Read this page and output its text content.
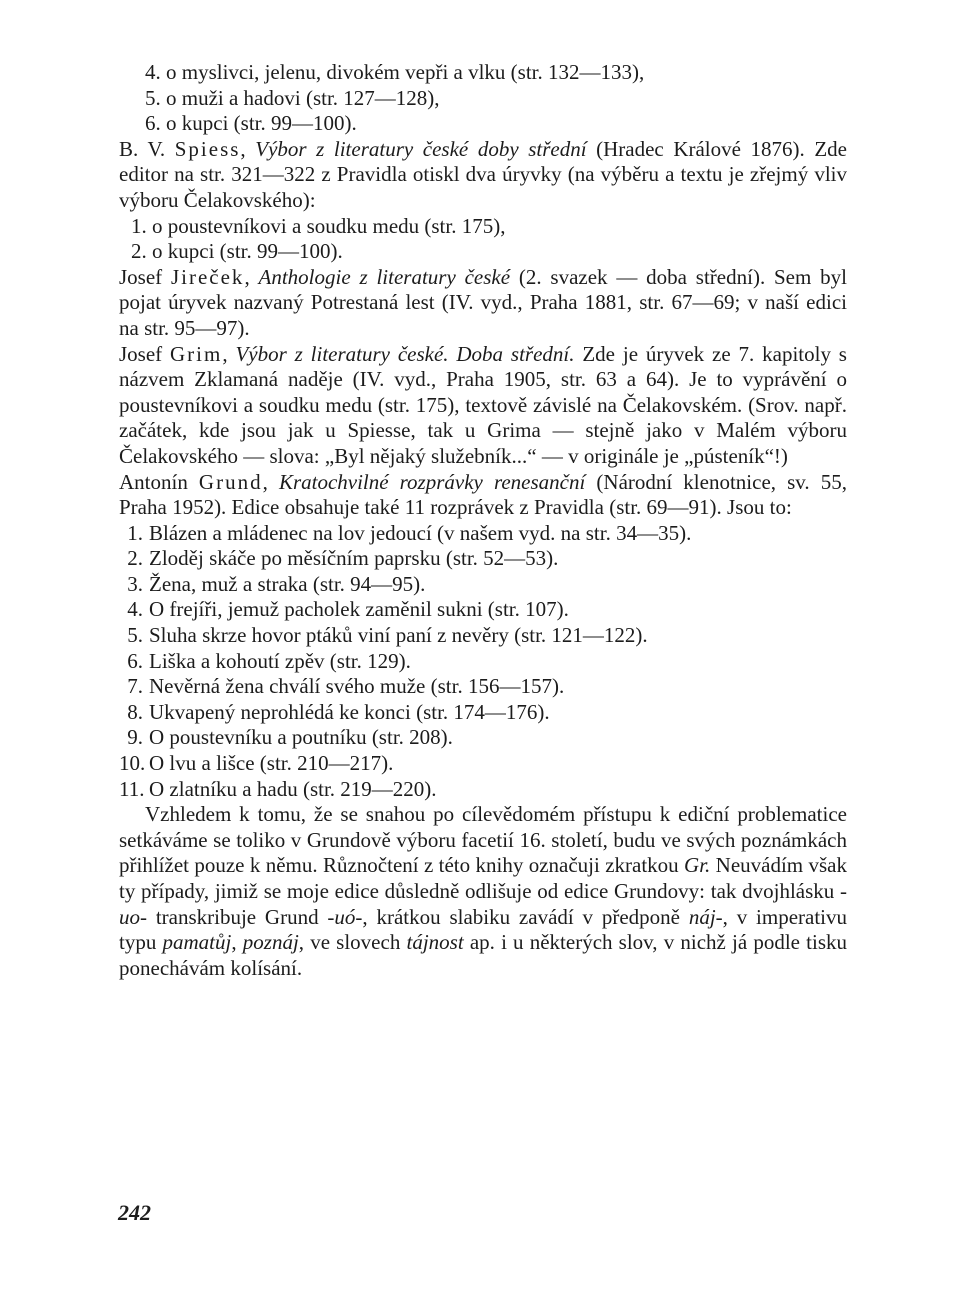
4. o myslivci, jelenu, divokém vepři a vlku (str. 132—133),

5. o muži a hadovi (str. 127—128),

6. o kupci (str. 99—100).

B. V. Spiess, Výbor z literatury české doby střední (Hradec Králové 1876). Zde editor na str. 321—322 z Pravidla otiskl dva úryvky (na výběru a textu je zřejmý vliv výboru Čelakovského):

1. o poustevníkovi a soudku medu (str. 175),

2. o kupci (str. 99—100).

Josef Jireček, Anthologie z literatury české (2. svazek — doba střední). Sem byl pojat úryvek nazvaný Potrestaná lest (IV. vyd., Praha 1881, str. 67—69; v naší edici na str. 95—97).

Josef Grim, Výbor z literatury české. Doba střední. Zde je úryvek ze 7. kapitoly s názvem Zklamaná naděje (IV. vyd., Praha 1905, str. 63 a 64). Je to vyprávění o poustevníkovi a soudku medu (str. 175), textově závislé na Čelakovském. (Srov. např. začátek, kde jsou jak u Spiesse, tak u Grima — stejně jako v Malém výboru Čelakovského — slova: „Byl nějaký služebník...“ — v originále je „pústeník“!)

Antonín Grund, Kratochvilné rozprávky renesanční (Národní klenotnice, sv. 55, Praha 1952). Edice obsahuje také 11 rozprávek z Pravidla (str. 69—91). Jsou to:

1. Blázen a mládenec na lov jedoucí (v našem vyd. na str. 34—35).

2. Zloděj skáče po měsíčním paprsku (str. 52—53).

3. Žena, muž a straka (str. 94—95).

4. O frejíři, jemuž pacholek zaměnil sukni (str. 107).

5. Sluha skrze hovor ptáků viní paní z nevěry (str. 121—122).

6. Liška a kohoutí zpěv (str. 129).

7. Nevěrná žena chválí svého muže (str. 156—157).

8. Ukvapený neprohlédá ke konci (str. 174—176).

9. O poustevníku a poutníku (str. 208).

10. O lvu a lišce (str. 210—217).

11. O zlatníku a hadu (str. 219—220).

Vzhledem k tomu, že se snahou po cílevědomém přístupu k ediční problematice setkáváme se toliko v Grundově výboru facetií 16. století, budu ve svých poznámkách přihlížet pouze k němu. Různočtení z této knihy označuji zkratkou Gr. Neuvádím však ty případy, jimiž se moje edice důsledně odlišuje od edice Grundovy: tak dvojhlásku -uo- transkribuje Grund -uó-, krátkou slabiku zavádí v předponě náj-, v imperativu typu pamatůj, poznáj, ve slovech tájnost ap. i u některých slov, v nichž já podle tisku ponechávám kolísání.

242
